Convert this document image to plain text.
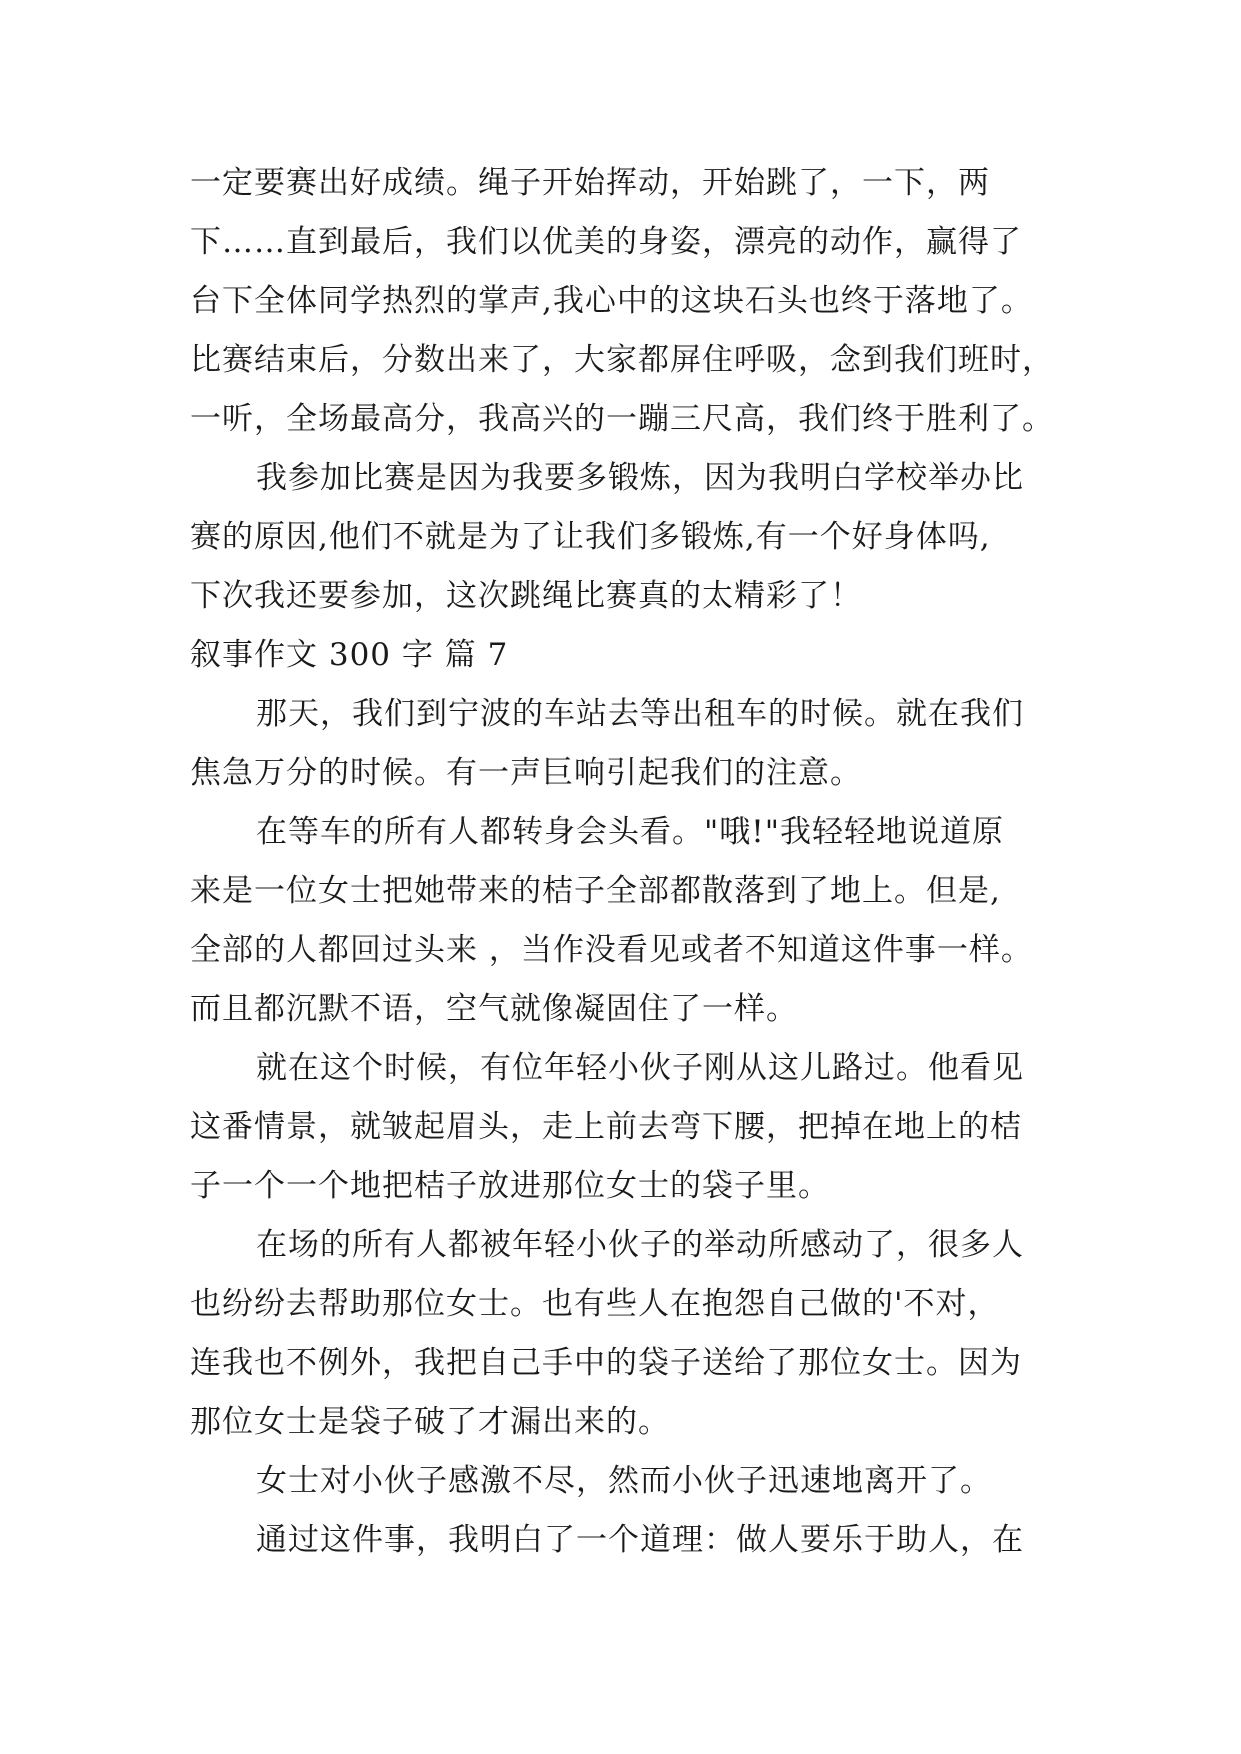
一定要赛出好成绩。绳子开始挥动，开始跳了，一下，两
下……直到最后，我们以优美的身姿，漂亮的动作，赢得了
台下全体同学热烈的掌声,我心中的这块石头也终于落地了。
比赛结束后，分数出来了，大家都屏住呼吸，念到我们班时，
一听，全场最高分，我高兴的一蹦三尺高，我们终于胜利了。
我参加比赛是因为我要多锻炼，因为我明白学校举办比
赛的原因,他们不就是为了让我们多锻炼,有一个好身体吗,
下次我还要参加，这次跳绳比赛真的太精彩了！
叙事作文 300 字 篇 7
那天，我们到宁波的车站去等出租车的时候。就在我们
焦急万分的时候。有一声巨响引起我们的注意。
在等车的所有人都转身会头看。"哦!"我轻轻地说道原
来是一位女士把她带来的桔子全部都散落到了地上。但是,
全部的人都回过头来 ，当作没看见或者不知道这件事一样。
而且都沉默不语，空气就像凝固住了一样。
就在这个时候，有位年轻小伙子刚从这儿路过。他看见
这番情景，就皱起眉头，走上前去弯下腰，把掉在地上的桔
子一个一个地把桔子放进那位女士的袋子里。
在场的所有人都被年轻小伙子的举动所感动了，很多人
也纷纷去帮助那位女士。也有些人在抱怨自己做的'不对，
连我也不例外，我把自己手中的袋子送给了那位女士。因为
那位女士是袋子破了才漏出来的。
女士对小伙子感激不尽，然而小伙子迅速地离开了。
通过这件事，我明白了一个道理：做人要乐于助人，在
